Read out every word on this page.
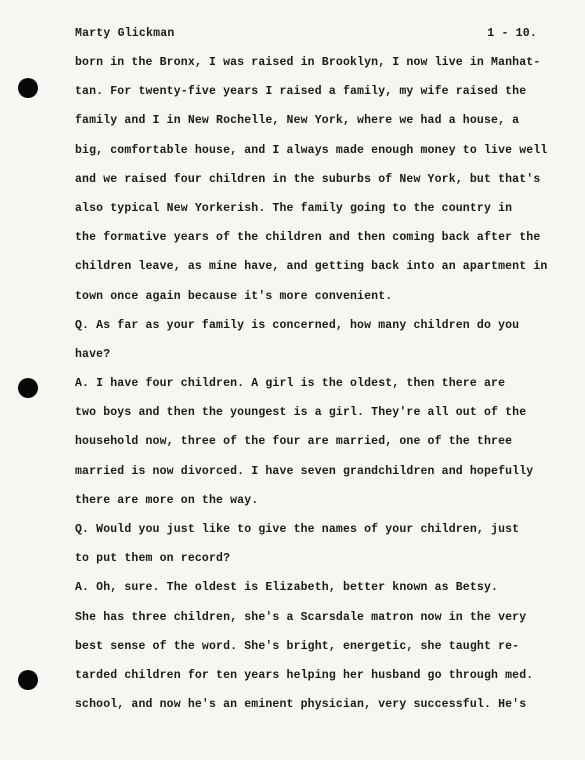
Marty Glickman	1 - 10.
born in the Bronx, I was raised in Brooklyn, I now live in Manhat-
tan. For twenty-five years I raised a family, my wife raised the
family and I in New Rochelle, New York, where we had a house, a
big, comfortable house, and I always made enough money to live well
and we raised four children in the suburbs of New York, but that's
also typical New Yorkerish. The family going to the country in
the formative years of the children and then coming back after the
children leave, as mine have, and getting back into an apartment in
town once again because it's more convenient.
Q. As far as your family is concerned, how many children do you
have?
A. I have four children. A girl is the oldest, then there are
two boys and then the youngest is a girl. They're all out of the
household now, three of the four are married, one of the three
married is now divorced. I have seven grandchildren and hopefully
there are more on the way.
Q. Would you just like to give the names of your children, just
to put them on record?
A. Oh, sure. The oldest is Elizabeth, better known as Betsy.
She has three children, she's a Scarsdale matron now in the very
best sense of the word. She's bright, energetic, she taught re-
tarded children for ten years helping her husband go through med.
school, and now he's an eminent physician, very successful. He's
